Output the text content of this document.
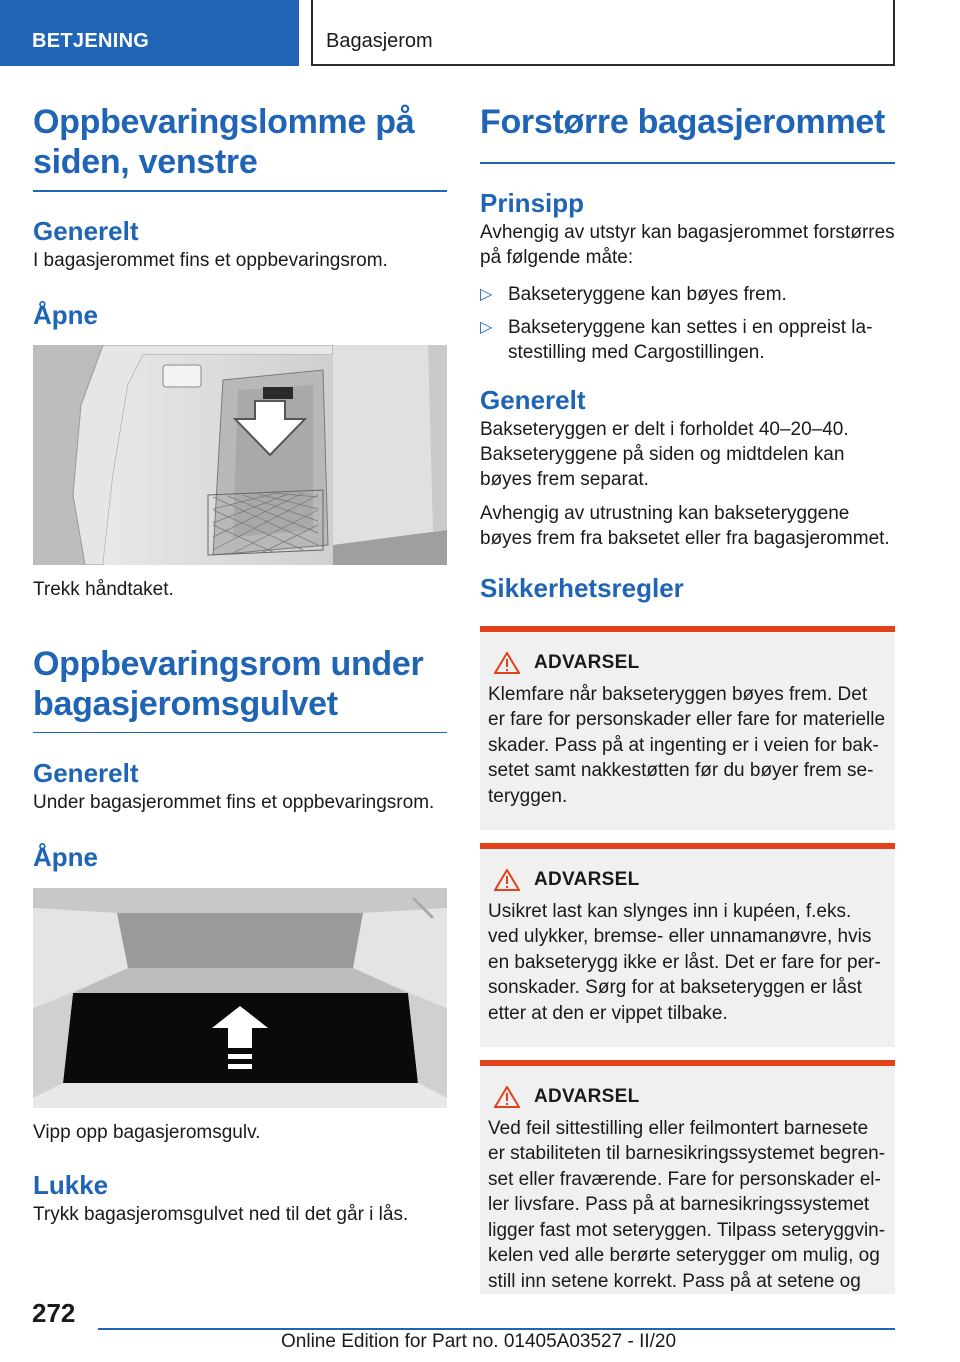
BETJENING	Bagasjerom
Oppbevaringslomme på siden, venstre
Generelt

I bagasjerommet fins et oppbevaringsrom.

Åpne

Trekk håndtaket.

Oppbevaringsrom under bagasjeromsgulvet
Generelt

Under bagasjerommet fins et oppbevaringsrom.

Åpne

Vipp opp bagasjeromsgulv.

Lukke

Trykk bagasjeromsgulvet ned til det går i lås.

Forstørre bagasjerommet
Prinsipp

Avhengig av utstyr kan bagasjerommet forstørres på følgende måte:

▷ Bakseteryggene kan bøyes frem.
▷ Bakseteryggene kan settes i en oppreist lastestilling med Cargostillingen.
Generelt

Bakseteryggen er delt i forholdet 40–20–40. Bakseteryggene på siden og midtdelen kan bøyes frem separat.

Avhengig av utrustning kan bakseteryggene bøyes frem fra baksetet eller fra bagasjerommet.

Sikkerhetsregler
ADVARSEL

Klemfare når bakseteryggen bøyes frem. Det er fare for personskader eller fare for materielle skader. Pass på at ingenting er i veien for baksetet samt nakkestøtten før du bøyer frem seteryggen.

ADVARSEL

Usikret last kan slynges inn i kupéen, f.eks. ved ulykker, bremse- eller unnamanøvre, hvis en bakseterygg ikke er låst. Det er fare for personskader. Sørg for at bakseteryggen er låst etter at den er vippet tilbake.

ADVARSEL

Ved feil sittestilling eller feilmontert barnesete er stabiliteten til barnesikringssystemet begrenset eller fraværende. Fare for personskader eller livsfare. Pass på at barnesikringssystemet ligger fast mot seteryggen. Tilpass seteryggvinkelen ved alle berørte seterygger om mulig, og still inn setene korrekt. Pass på at setene og

272
Online Edition for Part no. 01405A03527 - II/20
